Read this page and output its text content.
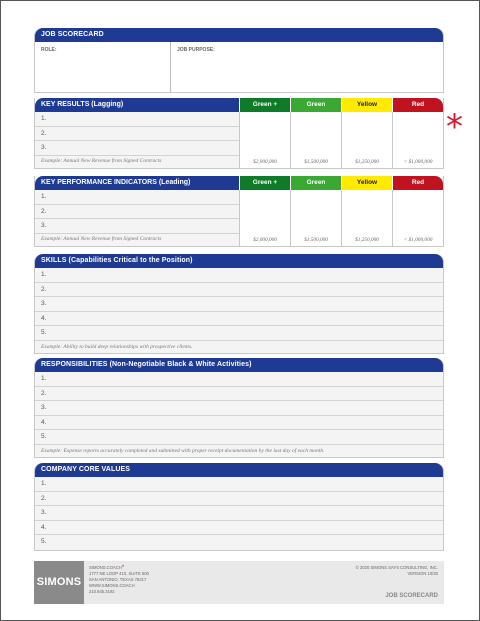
JOB SCORECARD
ROLE:	JOB PURPOSE:
KEY RESULTS (Lagging)	Green +	Green	Yellow	Red
1.
2.
3.
Example: Annual New Revenue from Signed Contracts	$2,000,000	$1,500,000	$1,250,000	< $1,000,000
*
KEY PERFORMANCE INDICATORS (Leading)	Green +	Green	Yellow	Red
1.
2.
3.
Example: Annual New Revenue from Signed Contracts	$2,000,000	$1,500,000	$1,250,000	< $1,000,000
SKILLS (Capabilities Critical to the Position)
1.
2.
3.
4.
5.
Example: Ability to build deep relationships with prospective clients.
RESPONSIBILITIES (Non-Negotiable Black & White Activities)
1.
2.
3.
4.
5.
Example: Expense reports accurately completed and submitted with proper receipt documentation by the last day of each month.
COMPANY CORE VALUES
1.
2.
3.
4.
5.
SIMONS
SIMONS.COACH*
1777 NE LOOP 410, SUITE 600
SAN ANTONIO, TEXAS 78217
WWW.SIMONS.COACH
210.845.3192
© 2020 SIMONS SAYS CONSULTING, INC.
VERSION 10/20
JOB SCORECARD
